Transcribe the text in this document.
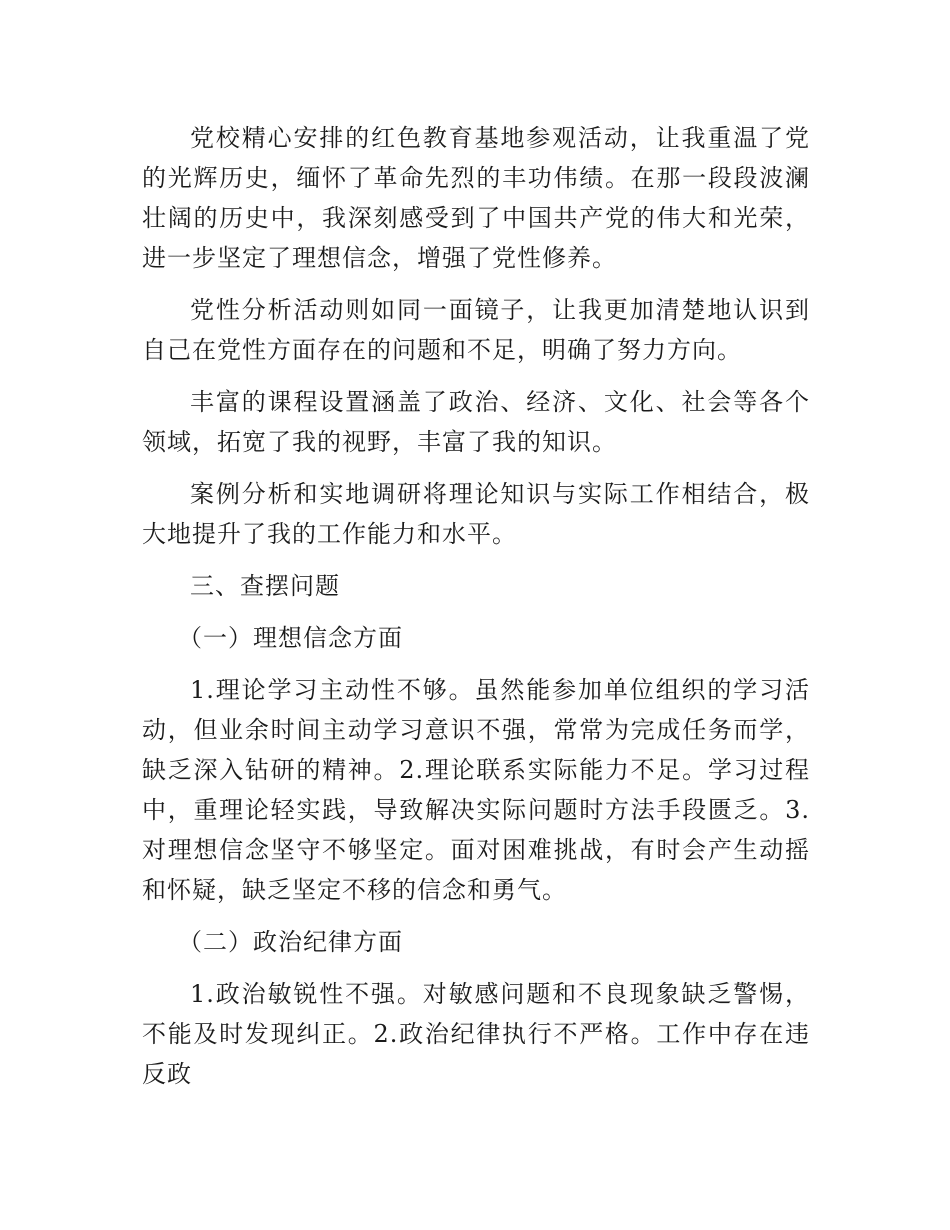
党校精心安排的红色教育基地参观活动，让我重温了党的光辉历史，缅怀了革命先烈的丰功伟绩。在那一段段波澜壮阔的历史中，我深刻感受到了中国共产党的伟大和光荣，进一步坚定了理想信念，增强了党性修养。

党性分析活动则如同一面镜子，让我更加清楚地认识到自己在党性方面存在的问题和不足，明确了努力方向。

丰富的课程设置涵盖了政治、经济、文化、社会等各个领域，拓宽了我的视野，丰富了我的知识。

案例分析和实地调研将理论知识与实际工作相结合，极大地提升了我的工作能力和水平。

三、查摆问题

（一）理想信念方面

1.理论学习主动性不够。虽然能参加单位组织的学习活动，但业余时间主动学习意识不强，常常为完成任务而学，缺乏深入钻研的精神。2.理论联系实际能力不足。学习过程中，重理论轻实践，导致解决实际问题时方法手段匮乏。3.对理想信念坚守不够坚定。面对困难挑战，有时会产生动摇和怀疑，缺乏坚定不移的信念和勇气。

（二）政治纪律方面

1.政治敏锐性不强。对敏感问题和不良现象缺乏警惕，不能及时发现纠正。2.政治纪律执行不严格。工作中存在违反政
